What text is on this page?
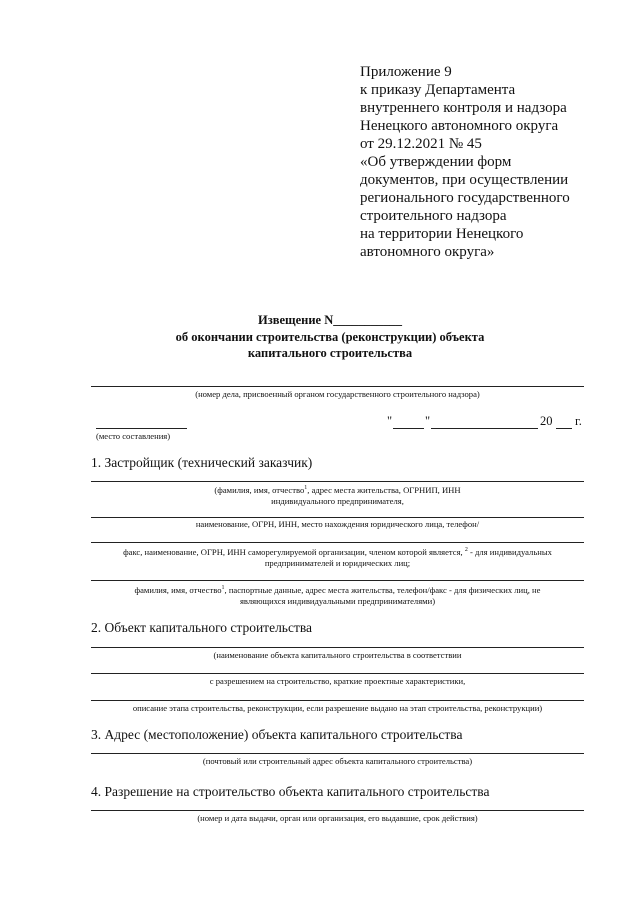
Приложение 9
к приказу Департамента
внутреннего контроля и надзора
Ненецкого автономного округа
от 29.12.2021 № 45
«Об утверждении форм
документов, при осуществлении
регионального государственного
строительного надзора
на территории Ненецкого
автономного округа»
Извещение N___________
об окончании строительства (реконструкции) объекта
капитального строительства
(номер дела, присвоенный органом государственного строительного надзора)
(место составления)
"	"	20 г.
1. Застройщик (технический заказчик)
(фамилия, имя, отчество$^1$, адрес места жительства, ОГРНИП, ИНН
индивидуального предпринимателя,
наименование, ОГРН, ИНН, место нахождения юридического лица, телефон/
факс, наименование, ОГРН, ИНН саморегулируемой организации, членом которой является, $^2$ - для индивидуальных
предпринимателей и юридических лиц;
фамилия, имя, отчество$^1$, паспортные данные, адрес места жительства, телефон/факс - для физических лиц, не
являющихся индивидуальными предпринимателями)
2. Объект капитального строительства
(наименование объекта капитального строительства в соответствии
с разрешением на строительство, краткие проектные характеристики,
описание этапа строительства, реконструкции, если разрешение выдано на этап строительства, реконструкции)
3. Адрес (местоположение) объекта капитального строительства
(почтовый или строительный адрес объекта капитального строительства)
4. Разрешение на строительство объекта капитального строительства
(номер и дата выдачи, орган или организация, его выдавшие, срок действия)
